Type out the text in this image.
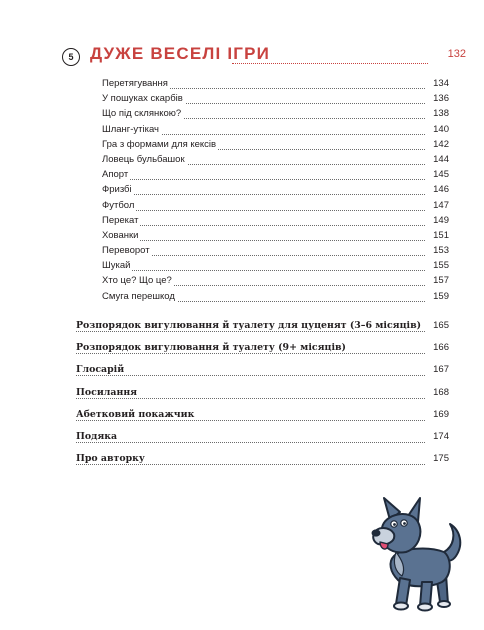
5 ДУЖЕ ВЕСЕЛІ ІГРИ	132
Перетягування	134
У пошуках скарбів	136
Що під склянкою?	138
Шланг-утікач	140
Гра з формами для кексів	142
Ловець бульбашок	144
Апорт	145
Фризбі	146
Футбол	147
Перекат	149
Хованки	151
Переворот	153
Шукай	155
Хто це? Що це?	157
Смуга перешкод	159
Розпорядок вигулювання й туалету для цуценят (3–6 місяців)	165
Розпорядок вигулювання й туалету (9+ місяців)	166
Глосарій	167
Посилання	168
Абетковий покажчик	169
Подяка	174
Про авторку	175
